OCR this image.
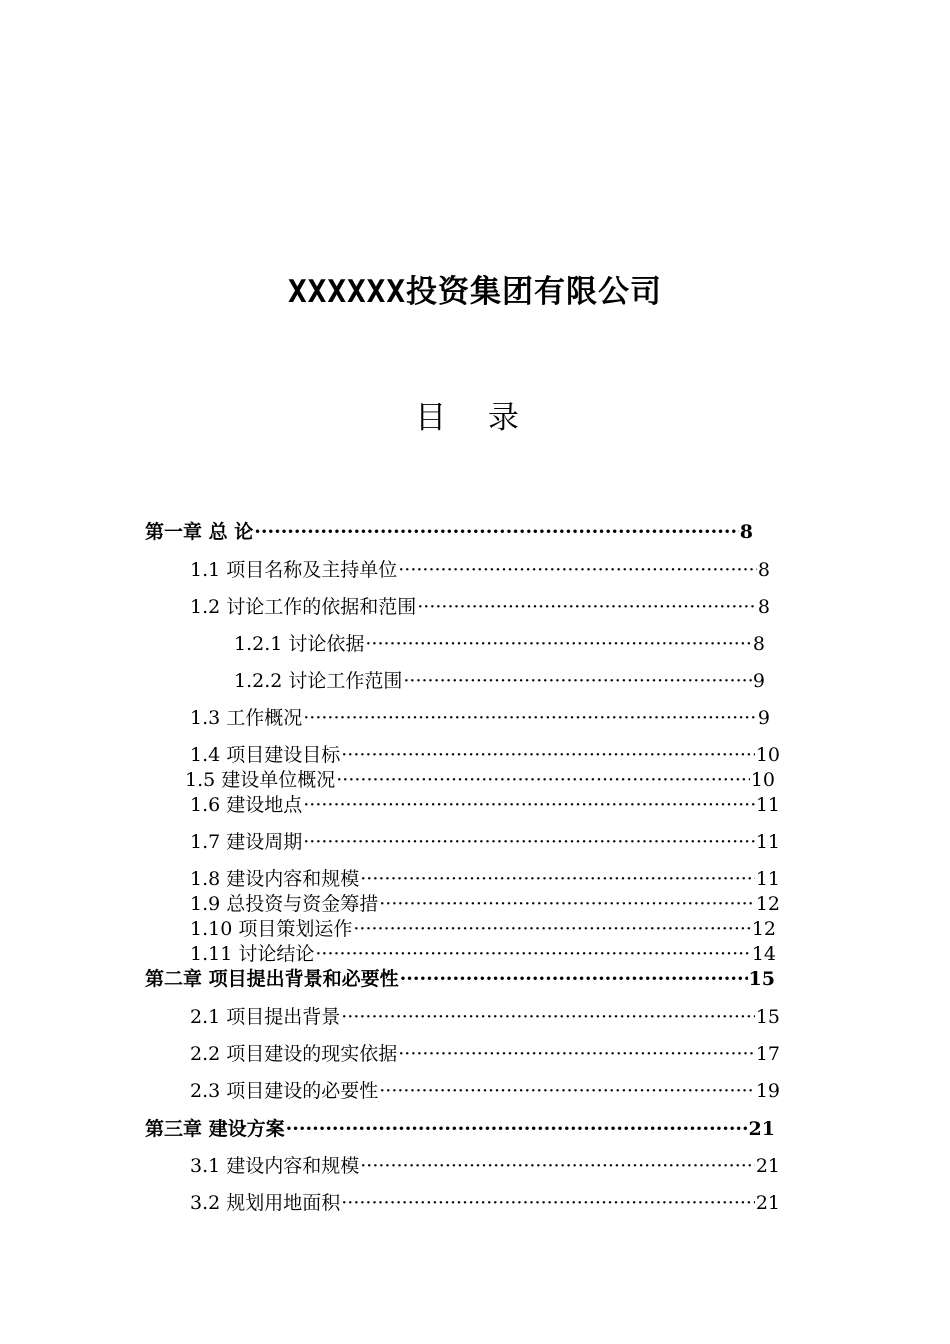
XXXXXX投资集团有限公司
目 录
第一章 总 论 ·····	8
1.1 项目名称及主持单位 ·····	8
1.2 讨论工作的依据和范围 ·····	8
1.2.1 讨论依据 ·····	8
1.2.2 讨论工作范围 ·····	9
1.3 工作概况 ·····	9
1.4 项目建设目标 ·····	10
1.5 建设单位概况 ·····	10
1.6 建设地点 ·····	11
1.7 建设周期 ·····	11
1.8 建设内容和规模 ·····	11
1.9 总投资与资金筹措 ·····	12
1.10 项目策划运作 ·····	12
1.11 讨论结论 ·····	14
第二章 项目提出背景和必要性 ·····	15
2.1 项目提出背景 ·····	15
2.2 项目建设的现实依据 ·····	17
2.3 项目建设的必要性 ·····	19
第三章 建设方案 ·····	21
3.1 建设内容和规模 ·····	21
3.2 规划用地面积 ·····	21
